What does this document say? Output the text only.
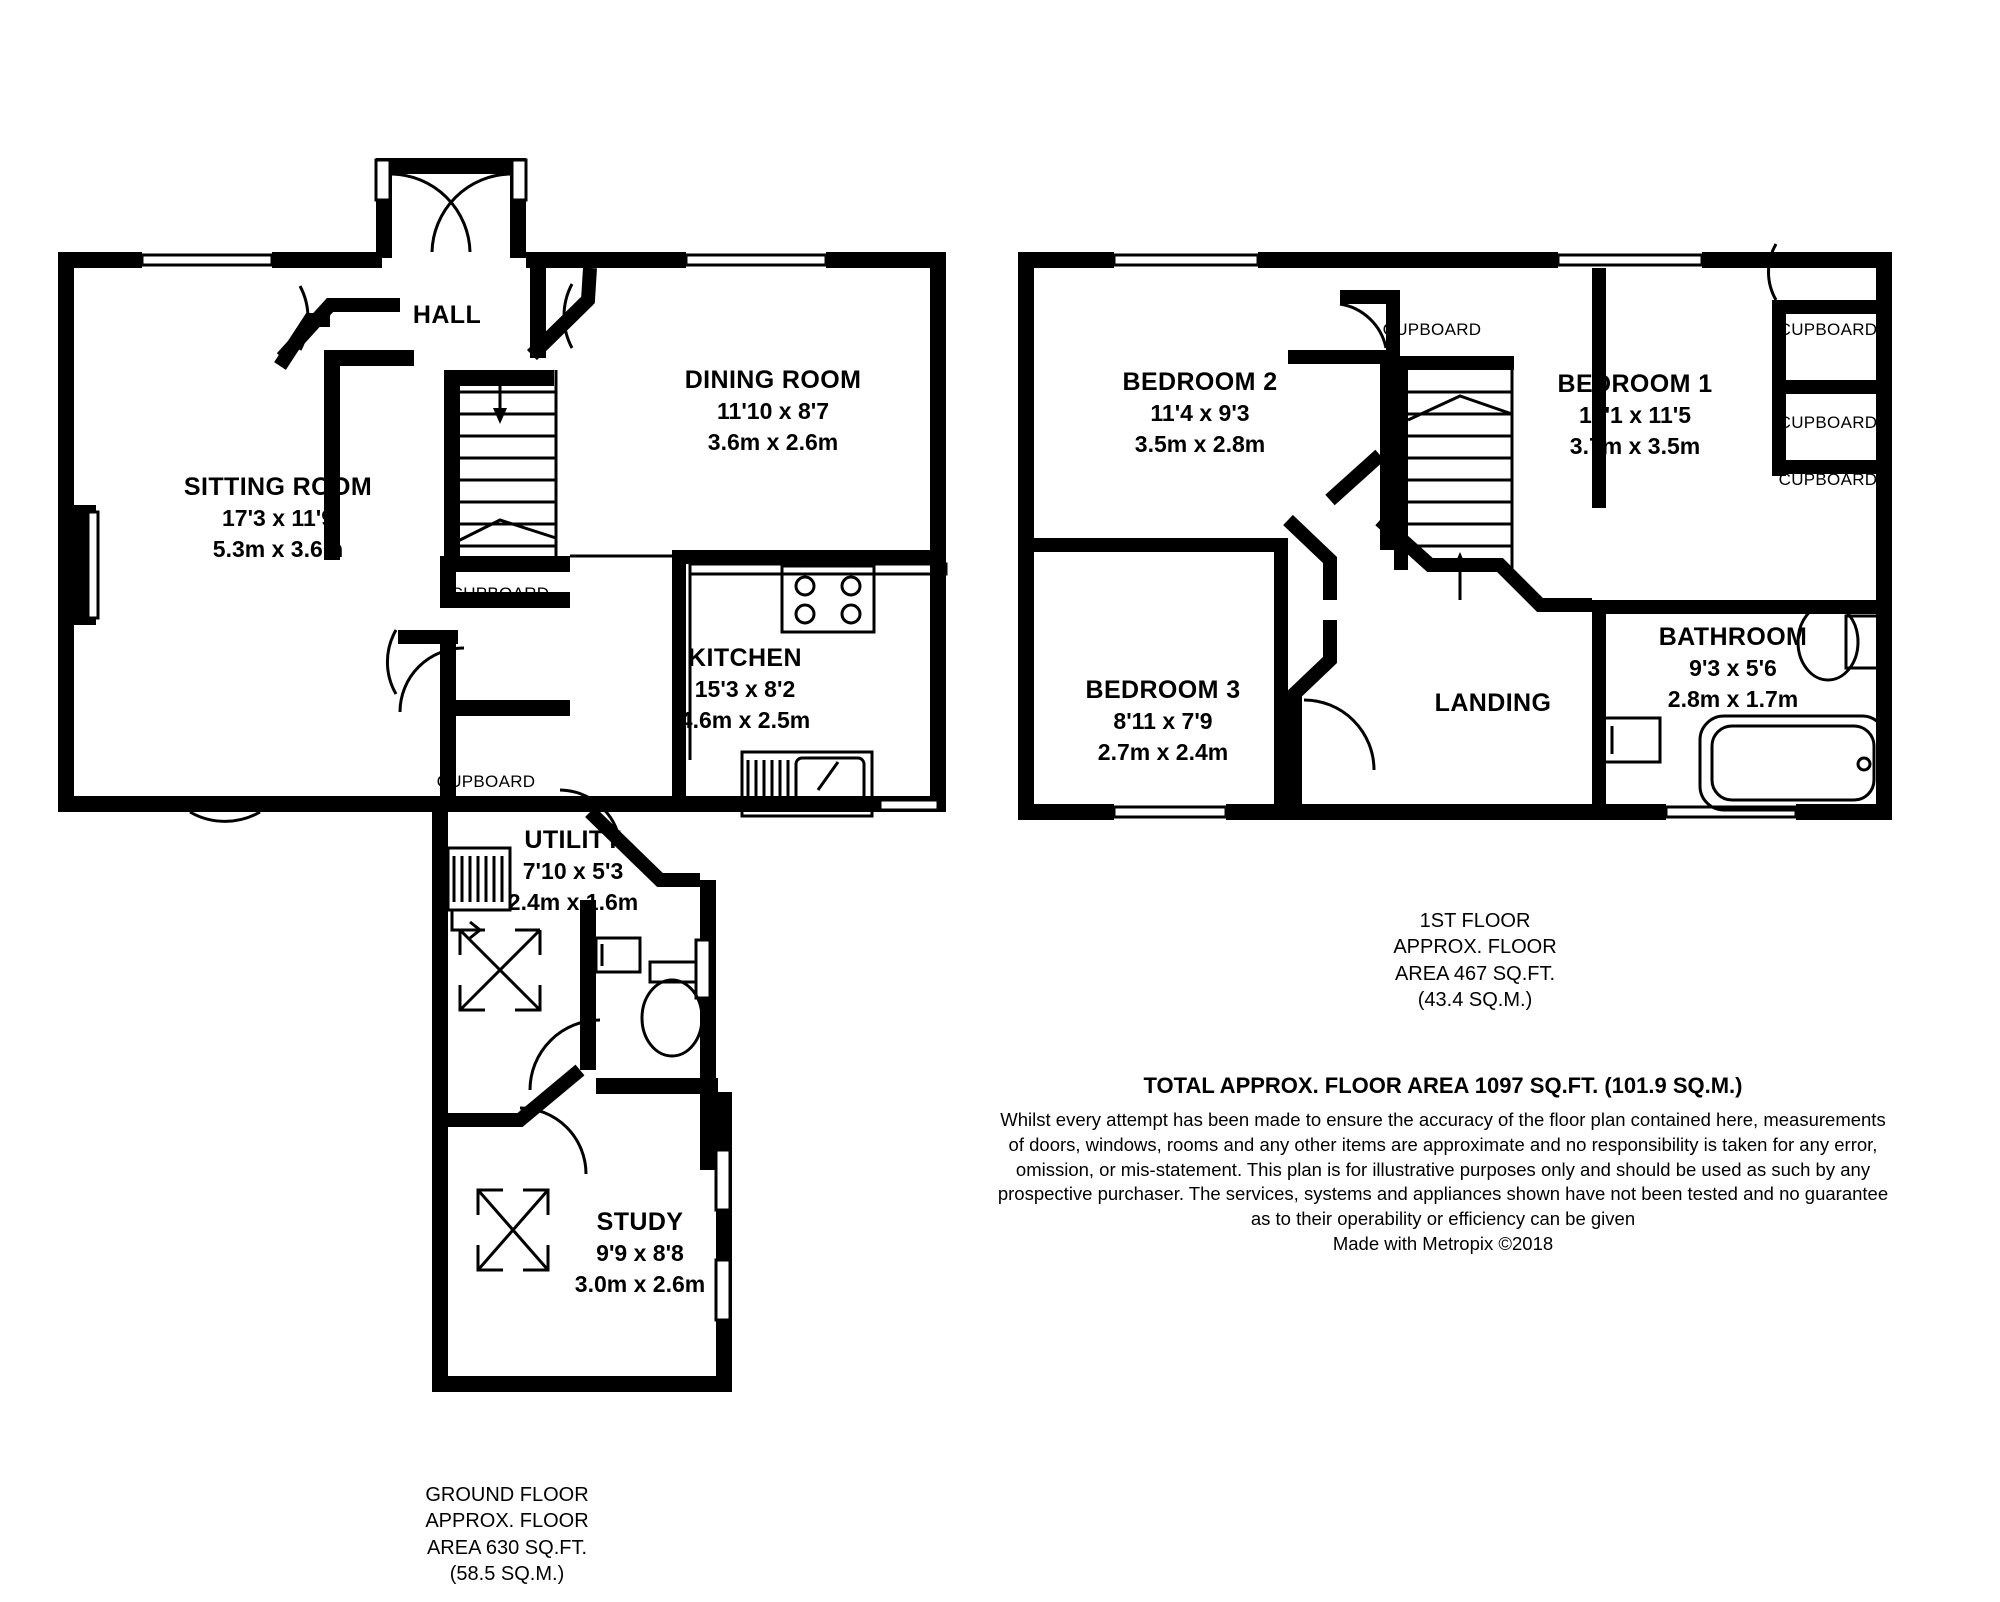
HALL
SITTING ROOM
17'3 x 11'9
5.3m x 3.6m
DINING ROOM
11'10 x 8'7
3.6m x 2.6m
KITCHEN
15'3 x 8'2
4.6m x 2.5m
UTILITY
7'10 x 5'3
2.4m x 1.6m
STUDY
9'9 x 8'8
3.0m x 2.6m
CUPBOARD
CUPBOARD
BEDROOM 2
11'4 x 9'3
3.5m x 2.8m
BEDROOM 1
12'1 x 11'5
3.7m x 3.5m
BEDROOM 3
8'11 x 7'9
2.7m x 2.4m
BATHROOM
9'3 x 5'6
2.8m x 1.7m
LANDING
CUPBOARD	CUPBOARD
CUPBOARD
CUPBOARD
1ST FLOOR
APPROX. FLOOR
AREA 467 SQ.FT.
(43.4 SQ.M.)
GROUND FLOOR
APPROX. FLOOR
AREA 630 SQ.FT.
(58.5 SQ.M.)
TOTAL APPROX. FLOOR AREA 1097 SQ.FT. (101.9 SQ.M.)
Whilst every attempt has been made to ensure the accuracy of the floor plan contained here, measurements
of doors, windows, rooms and any other items are approximate and no responsibility is taken for any error,
omission, or mis-statement. This plan is for illustrative purposes only and should be used as such by any
prospective purchaser. The services, systems and appliances shown have not been tested and no guarantee
as to their operability or efficiency can be given
Made with Metropix ©2018
